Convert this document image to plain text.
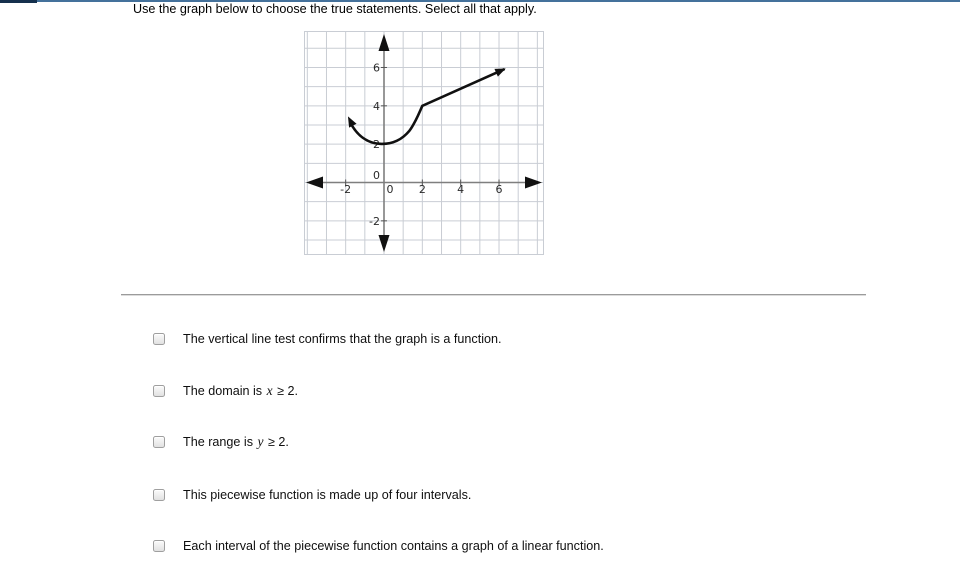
Use the graph below to choose the true statements. Select all that apply.
-2	0 2	4	6
-2
0
2
4
6
The vertical line test confirms that the graph is a function.
The domain is x ≥ 2.
The range is y ≥ 2.
This piecewise function is made up of four intervals.
Each interval of the piecewise function contains a graph of a linear function.
